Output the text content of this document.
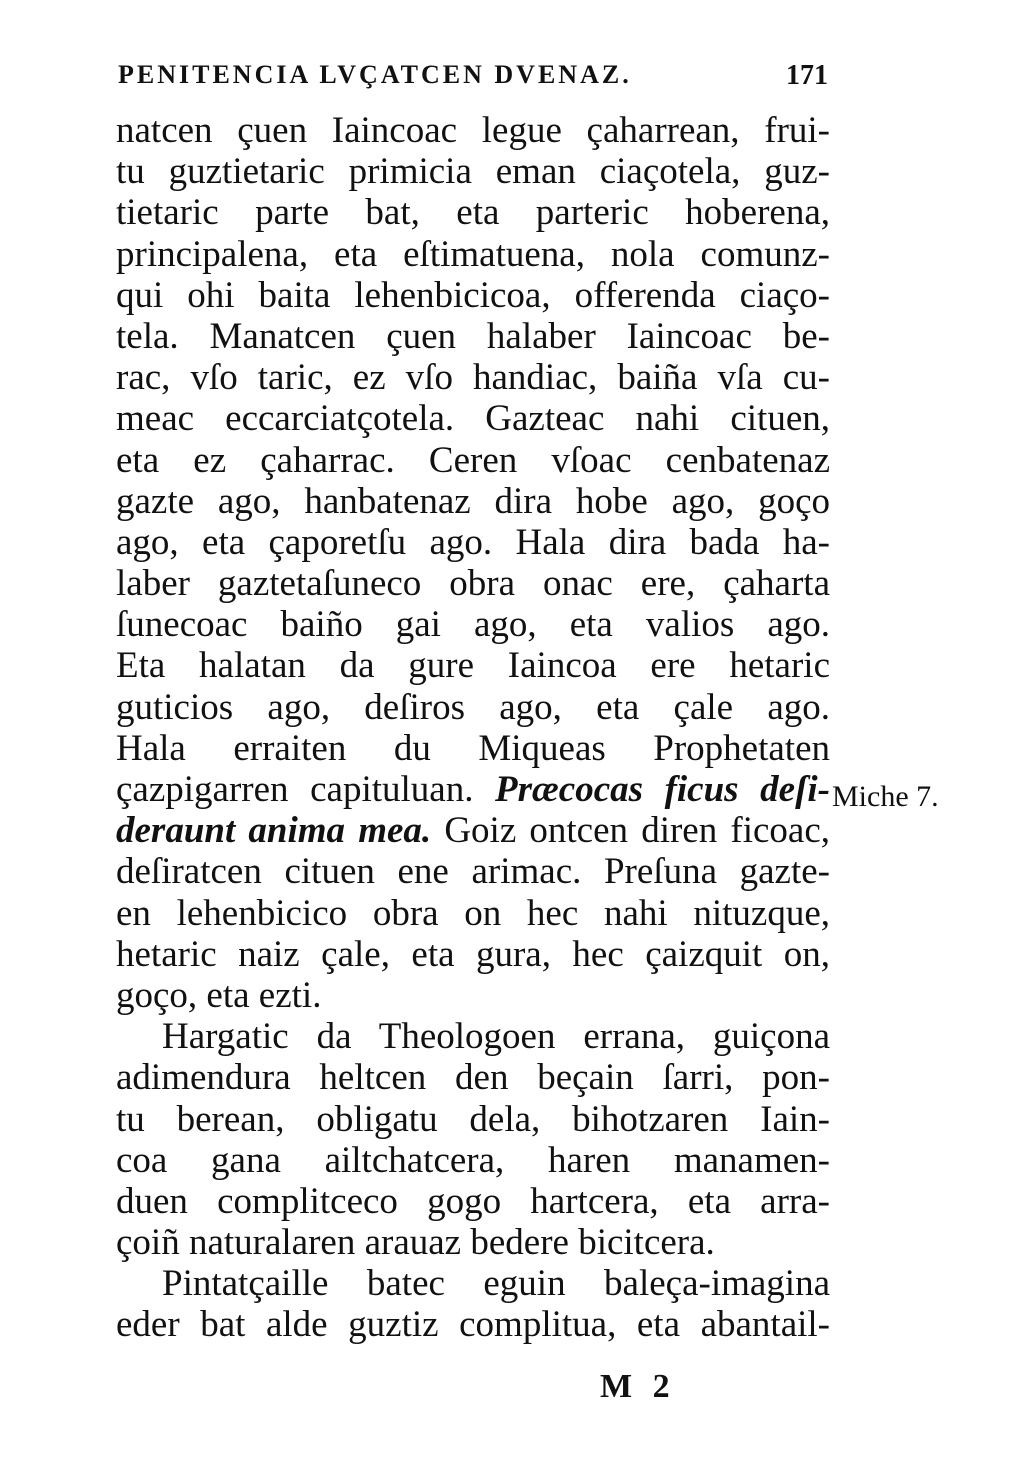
PENITENCIA LVÇATCEN DVENAZ.	171
natcen çuen Iaincoac legue çaharrean, frui-
tu guztietaric primicia eman ciaçotela, guz-
tietaric parte bat, eta parteric hoberena,
principalena, eta eſtimatuena, nola comunz-
qui ohi baita lehenbicicoa, offerenda ciaço-
tela. Manatcen çuen halaber Iaincoac be-
rac, vſo taric, ez vſo handiac, baiña vſa cu-
meac eccarciatçotela. Gazteac nahi cituen,
eta ez çaharrac. Ceren vſoac cenbatenaz
gazte ago, hanbatenaz dira hobe ago, goço
ago, eta çaporetſu ago. Hala dira bada ha-
laber gaztetaſuneco obra onac ere, çaharta
ſunecoac baiño gai ago, eta valios ago.
Eta halatan da gure Iaincoa ere hetaric
guticios ago, deſiros ago, eta çale ago.
Hala erraiten du Miqueas Prophetaten
çazpigarren capituluan. Præcocas ficus deſi-
deraunt anima mea. Goiz ontcen diren ficoac,
deſiratcen cituen ene arimac. Preſuna gazte-
en lehenbicico obra on hec nahi nituzque,
hetaric naiz çale, eta gura, hec çaizquit on,
goço, eta ezti.
Hargatic da Theologoen errana, guiçona
adimendura heltcen den beçain ſarri, pon-
tu berean, obligatu dela, bihotzaren Iain-
coa gana ailtchatcera, haren manamen-
duen complitceco gogo hartcera, eta arra-
çoiñ naturalaren arauaz bedere bicitcera.
Pintatçaille batec eguin baleça-imagina
eder bat alde guztiz complitua, eta abantail-
Miche 7.
M 2
